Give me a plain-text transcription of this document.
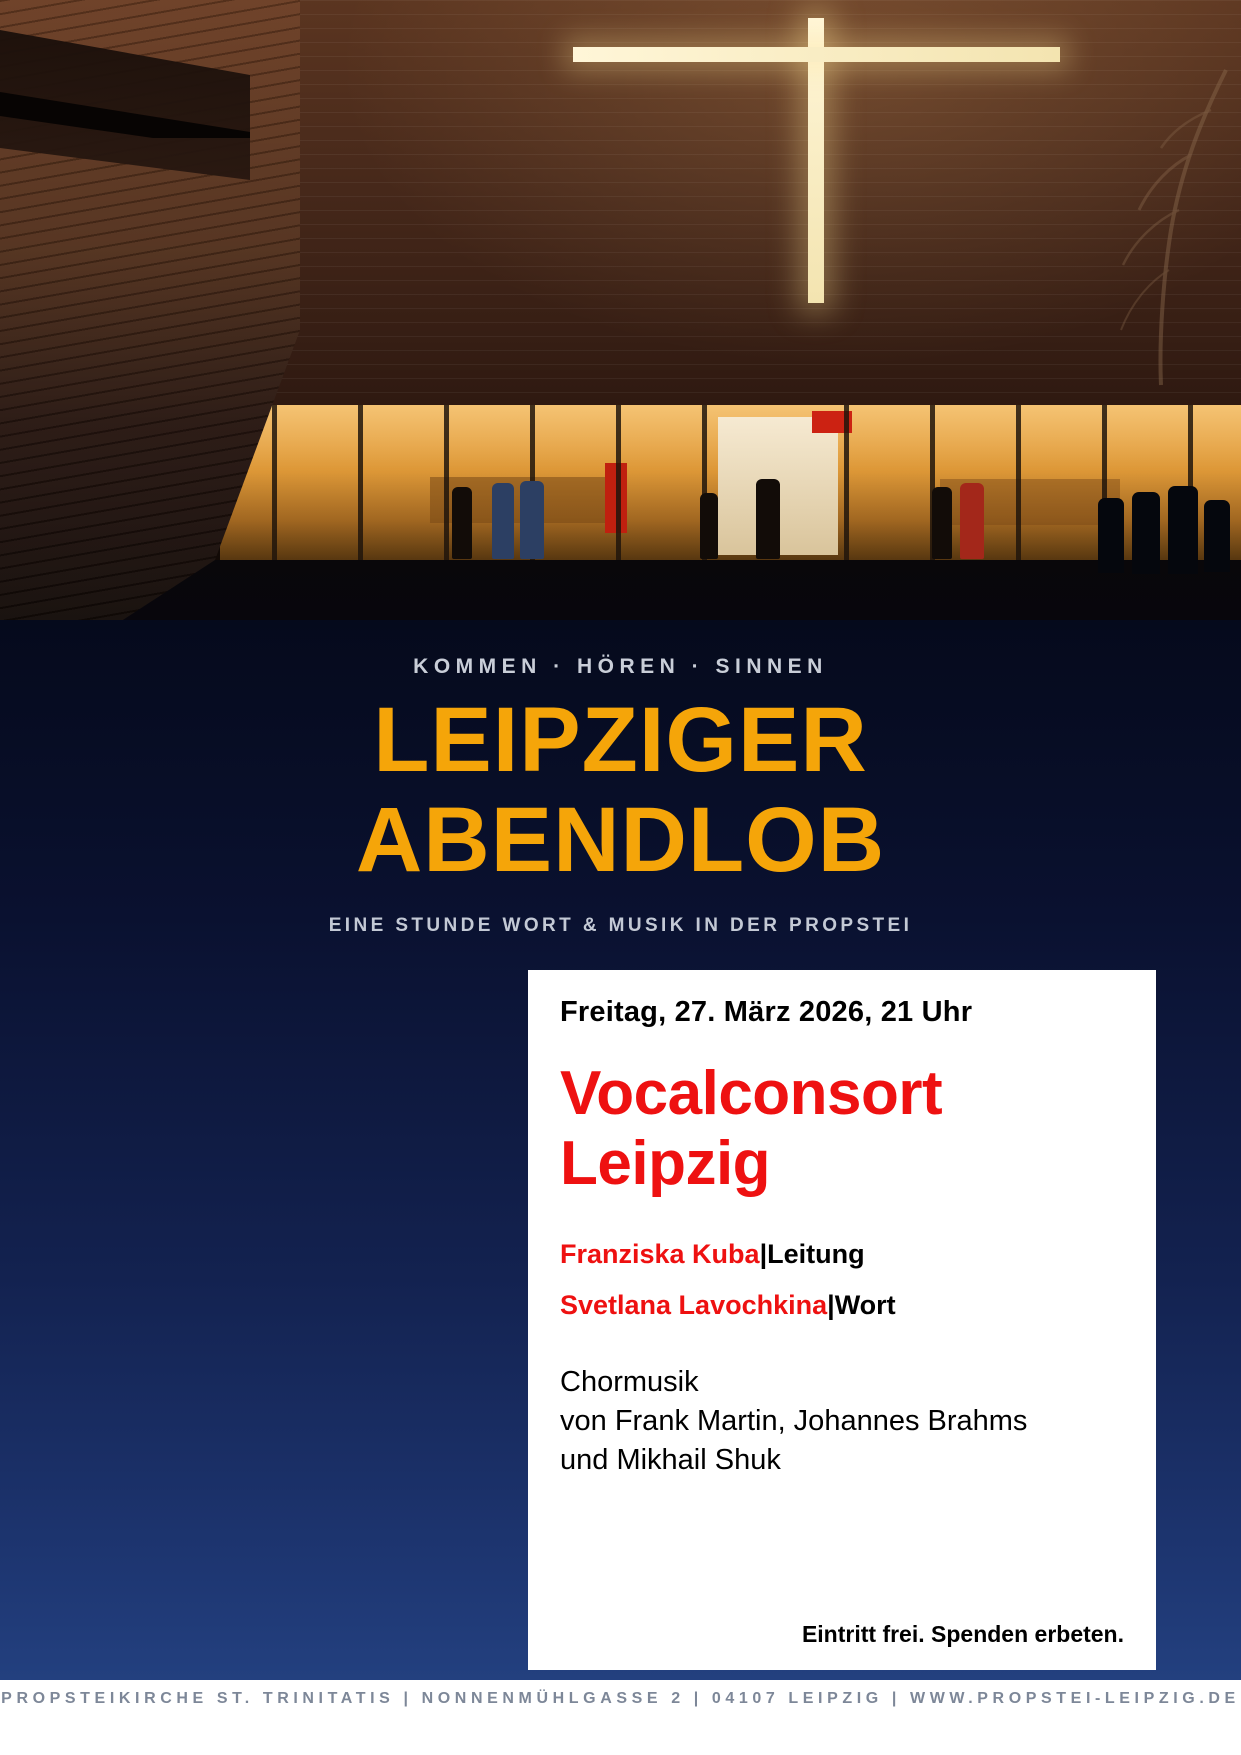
KOMMEN · HÖREN · SINNEN
LEIPZIGER
ABENDLOB
EINE STUNDE WORT & MUSIK IN DER PROPSTEI

Freitag, 27. März 2026, 21 Uhr

Vocalconsort
Leipzig
Franziska Kuba|Leitung
Svetlana Lavochkina|Wort
Chormusik
von Frank Martin, Johannes Brahms
und Mikhail Shuk
Eintritt frei. Spenden erbeten.
PROPSTEIKIRCHE ST. TRINITATIS | NONNENMÜHLGASSE 2 | 04107 LEIPZIG | WWW.PROPSTEI-LEIPZIG.DE
